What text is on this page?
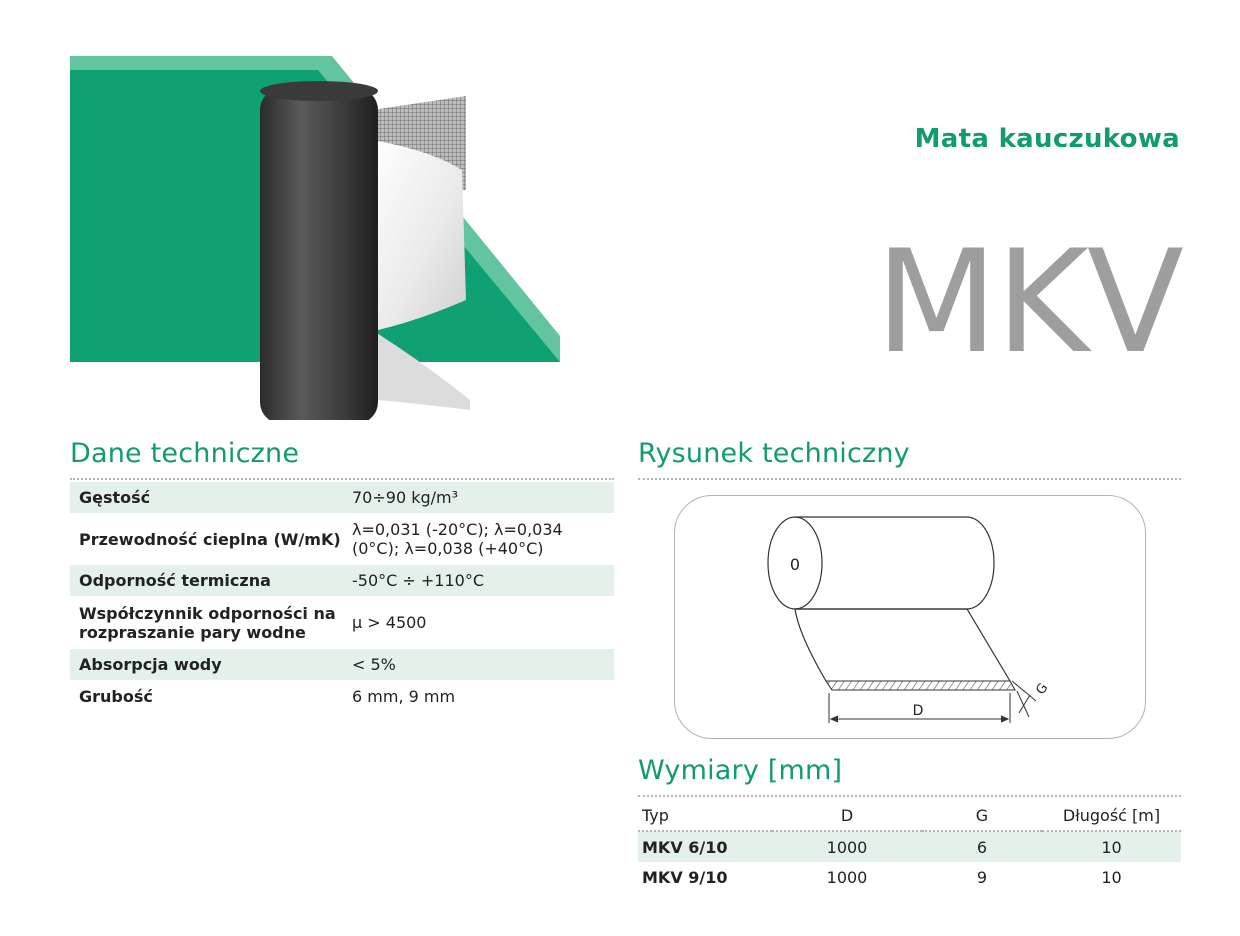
Mata kauczukowa
MKV
Dane techniczne
Gęstość	70÷90 kg/m³
Przewodność cieplna (W/mK)	λ=0,031 (-20°C); λ=0,034
(0°C); λ=0,038 (+40°C)

Odporność termiczna	-50°C ÷ +110°C

Współczynnik odporności na
rozpraszanie pary wodne	μ > 4500
Absorpcja wody	< 5%
Grubość	6 mm, 9 mm
Rysunek techniczny
0
D
G
Wymiary [mm]
Typ	D	G	Długość [m]
MKV 6/10	1000	6	10
MKV 9/10	1000	9	10
